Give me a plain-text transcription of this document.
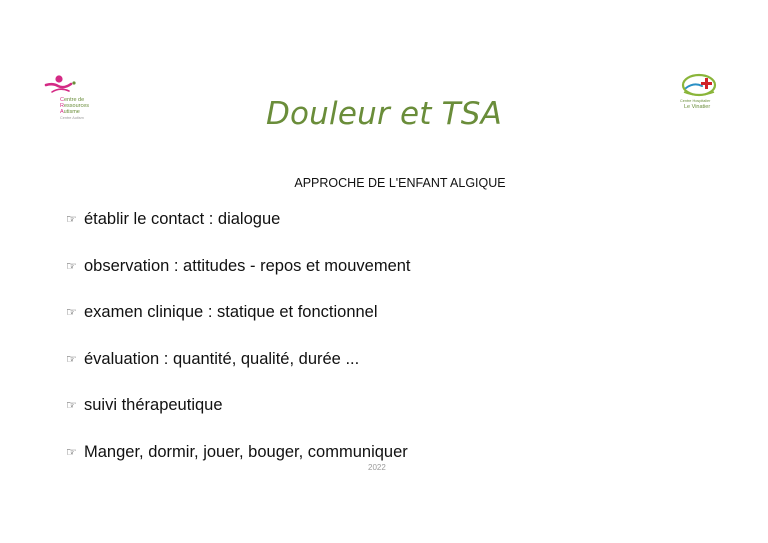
Centre de
Ressources
Autisme
Centre Autism
Centre Hospitalier
Le Vinatier
Douleur et TSA
APPROCHE DE L'ENFANT ALGIQUE
☞ établir le contact : dialogue
☞ observation : attitudes - repos et mouvement
☞ examen clinique : statique et fonctionnel
☞ évaluation : quantité, qualité, durée ...
☞ suivi thérapeutique
☞ Manger, dormir, jouer, bouger, communiquer
2022
